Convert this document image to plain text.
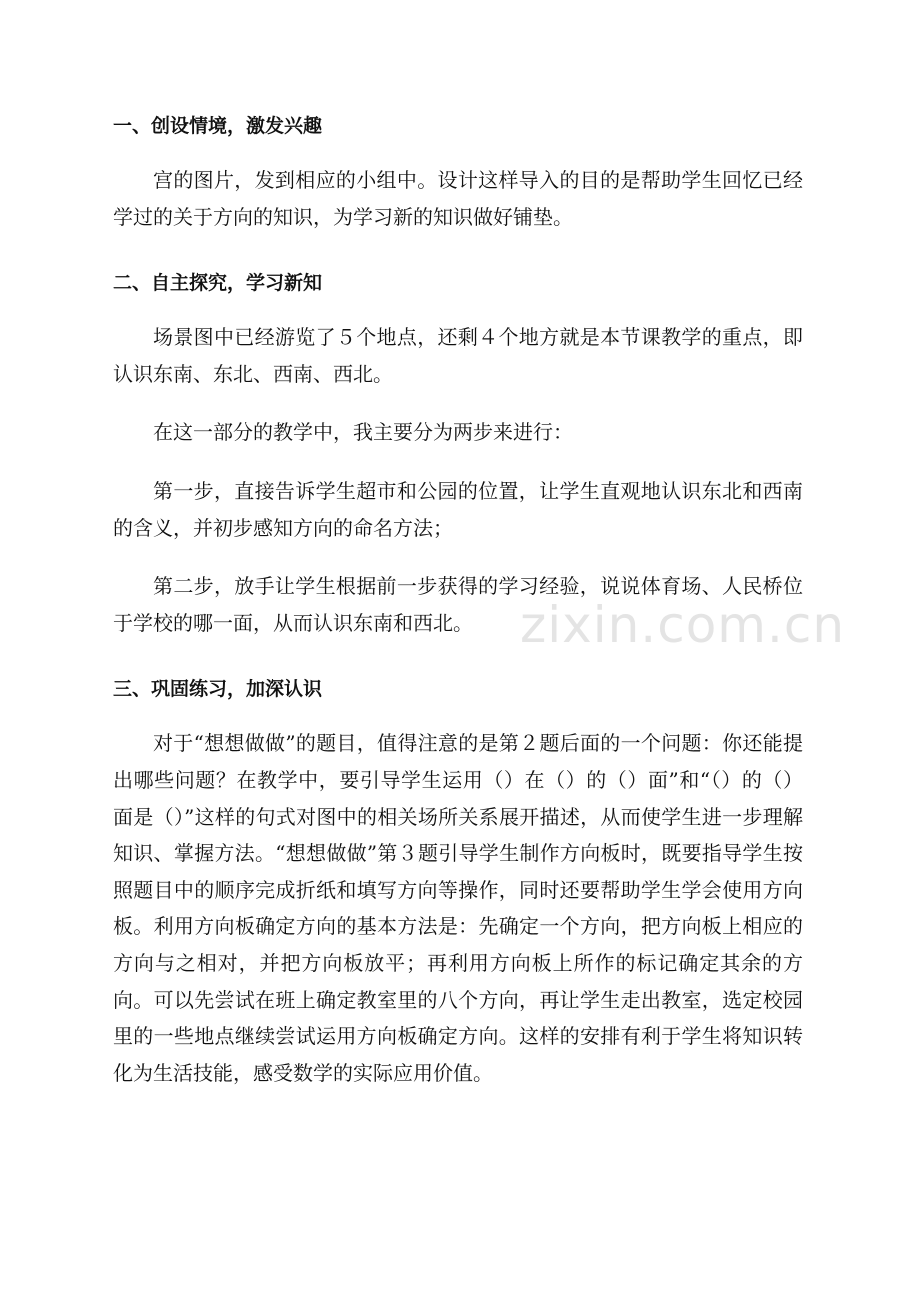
zixin.com.cn
一、创设情境，激发兴趣

宫的图片，发到相应的小组中。设计这样导入的目的是帮助学生回忆已经学过的关于方向的知识，为学习新的知识做好铺垫。

二、自主探究，学习新知

场景图中已经游览了５个地点，还剩４个地方就是本节课教学的重点，即认识东南、东北、西南、西北。

在这一部分的教学中，我主要分为两步来进行：

第一步，直接告诉学生超市和公园的位置，让学生直观地认识东北和西南的含义，并初步感知方向的命名方法；

第二步，放手让学生根据前一步获得的学习经验，说说体育场、人民桥位于学校的哪一面，从而认识东南和西北。

三、巩固练习，加深认识

对于“想想做做”的题目，值得注意的是第２题后面的一个问题：你还能提出哪些问题？在教学中，要引导学生运用（）在（）的（）面”和“（）的（）面是（）”这样的句式对图中的相关场所关系展开描述，从而使学生进一步理解知识、掌握方法。“想想做做”第３题引导学生制作方向板时，既要指导学生按照题目中的顺序完成折纸和填写方向等操作，同时还要帮助学生学会使用方向板。利用方向板确定方向的基本方法是：先确定一个方向，把方向板上相应的方向与之相对，并把方向板放平；再利用方向板上所作的标记确定其余的方向。可以先尝试在班上确定教室里的八个方向，再让学生走出教室，选定校园里的一些地点继续尝试运用方向板确定方向。这样的安排有利于学生将知识转化为生活技能，感受数学的实际应用价值。
